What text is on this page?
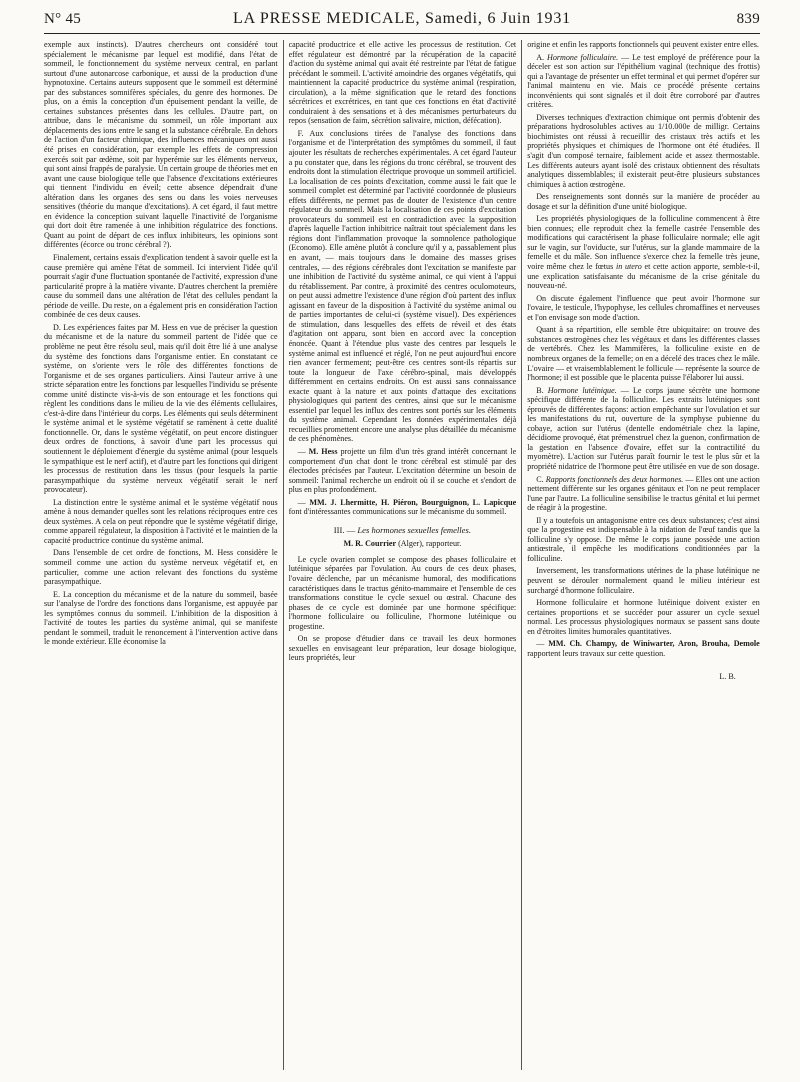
N° 45	LA PRESSE MEDICALE, Samedi, 6 Juin 1931	839

exemple aux instincts). D'autres chercheurs ont considéré tout spécialement le mécanisme par lequel est modifié, dans l'état de sommeil, le fonctionnement du système nerveux central, en parlant surtout d'une autonarcose carbonique, et aussi de la production d'une hypnotoxine. Certains auteurs supposent que le sommeil est déterminé par des substances somnifères spéciales, du genre des hormones. De plus, on a émis la conception d'un épuisement pendant la veille, de certaines substances présentes dans les cellules. D'autre part, on attribue, dans le mécanisme du sommeil, un rôle important aux déplacements des ions entre le sang et la substance cérébrale. En dehors de l'action d'un facteur chimique, des influences mécaniques ont aussi été prises en considération, par exemple les effets de compression exercés soit par œdème, soit par hyperémie sur les éléments nerveux, qui sont ainsi frappés de paralysie. Un certain groupe de théories met en avant une cause biologique telle que l'absence d'excitations extérieures qui tiennent l'individu en éveil; cette absence dépendrait d'une altération dans les organes des sens ou dans les voies nerveuses sensitives (théorie du manque d'excitations). A cet égard, il faut mettre en évidence la conception suivant laquelle l'inactivité de l'organisme qui dort doit être ramenée à une inhibition régulatrice des fonctions. Quant au point de départ de ces influx inhibiteurs, les opinions sont différentes (écorce ou tronc cérébral ?).

Finalement, certains essais d'explication tendent à savoir quelle est la cause première qui amène l'état de sommeil. Ici intervient l'idée qu'il pourrait s'agir d'une fluctuation spontanée de l'activité, expression d'une particularité propre à la matière vivante. D'autres cherchent la première cause du sommeil dans une altération de l'état des cellules pendant la période de veille. Du reste, on a également pris en considération l'action combinée de ces deux causes.

D. Les expériences faites par M. Hess en vue de préciser la question du mécanisme et de la nature du sommeil partent de l'idée que ce problème ne peut être résolu seul, mais qu'il doit être lié à une analyse du système des fonctions dans l'organisme entier. En constatant ce système, on s'oriente vers le rôle des différentes fonctions de l'organisme et de ses organes particuliers. Ainsi l'auteur arrive à une stricte séparation entre les fonctions par lesquelles l'individu se présente comme unité distincte vis-à-vis de son entourage et les fonctions qui règlent les conditions dans le milieu de la vie des éléments cellulaires, c'est-à-dire dans l'intérieur du corps. Les éléments qui seuls déterminent le système animal et le système végétatif se ramènent à cette dualité fonctionnelle. Or, dans le système végétatif, on peut encore distinguer deux ordres de fonctions, à savoir d'une part les processus qui soutiennent le déploiement d'énergie du système animal (pour lesquels le sympathique est le nerf actif), et d'autre part les fonctions qui dirigent les processus de restitution dans les tissus (pour lesquels la partie parasympathique du système nerveux végétatif serait le nerf provocateur).

La distinction entre le système animal et le système végétatif nous amène à nous demander quelles sont les relations réciproques entre ces deux systèmes. A cela on peut répondre que le système végétatif dirige, comme appareil régulateur, la disposition à l'activité et le maintien de la capacité productrice continue du système animal.

Dans l'ensemble de cet ordre de fonctions, M. Hess considère le sommeil comme une action du système nerveux végétatif et, en particulier, comme une action relevant des fonctions du système parasympathique.

E. La conception du mécanisme et de la nature du sommeil, basée sur l'analyse de l'ordre des fonctions dans l'organisme, est appuyée par les symptômes connus du sommeil. L'inhibition de la disposition à l'activité de toutes les parties du système animal, qui se manifeste pendant le sommeil, traduit le renoncement à l'intervention active dans le monde extérieur. Elle économise la

capacité productrice et elle active les processus de restitution. Cet effet régulateur est démontré par la récupération de la capacité d'action du système animal qui avait été restreinte par l'état de fatigue précédant le sommeil. L'activité amoindrie des organes végétatifs, qui maintiennent la capacité productrice du système animal (respiration, circulation), a la même signification que le retard des fonctions sécrétrices et excrétrices, en tant que ces fonctions en état d'activité conduiraient à des sensations et à des mécanismes perturbateurs du repos (sensation de faim, sécrétion salivaire, miction, défécation).

F. Aux conclusions tirées de l'analyse des fonctions dans l'organisme et de l'interprétation des symptômes du sommeil, il faut ajouter les résultats de recherches expérimentales. A cet égard l'auteur a pu constater que, dans les régions du tronc cérébral, se trouvent des endroits dont la stimulation électrique provoque un sommeil artificiel. La localisation de ces points d'excitation, comme aussi le fait que le sommeil complet est déterminé par l'activité coordonnée de plusieurs effets différents, ne permet pas de douter de l'existence d'un centre régulateur du sommeil. Mais la localisation de ces points d'excitation provocateurs du sommeil est en contradiction avec la supposition d'après laquelle l'action inhibitrice naîtrait tout spécialement dans les régions dont l'inflammation provoque la somnolence pathologique (Economo). Elle amène plutôt à conclure qu'il y a, passablement plus en avant, — mais toujours dans le domaine des masses grises centrales, — des régions cérébrales dont l'excitation se manifeste par une inhibition de l'activité du système animal, ce qui vient à l'appui du rétablissement. Par contre, à proximité des centres oculomoteurs, on peut aussi admettre l'existence d'une région d'où partent des influx agissant en faveur de la disposition à l'activité du système animal ou de parties importantes de celui-ci (système visuel). Des expériences de stimulation, dans lesquelles des effets de réveil et des états d'agitation ont apparu, sont bien en accord avec la conception énoncée. Quant à l'étendue plus vaste des centres par lesquels le système animal est influencé et réglé, l'on ne peut aujourd'hui encore rien avancer fermement; peut-être ces centres sont-ils répartis sur toute la longueur de l'axe cérébro-spinal, mais développés différemment en certains endroits. On est aussi sans connaissance exacte quant à la nature et aux points d'attaque des excitations physiologiques qui partent des centres, ainsi que sur le mécanisme essentiel par lequel les influx des centres sont portés sur les éléments du système animal. Cependant les données expérimentales déjà recueillies promettent encore une analyse plus détaillée du mécanisme de ces phénomènes.

— M. Hess projette un film d'un très grand intérêt concernant le comportement d'un chat dont le tronc cérébral est stimulé par des électodes précisées par l'auteur. L'excitation détermine un besoin de sommeil: l'animal recherche un endroit où il se couche et s'endort de plus en plus profondément.

— MM. J. Lhermitte, H. Piéron, Bourguignon, L. Lapicque font d'intéressantes communications sur le mécanisme du sommeil.

III. — Les hormones sexuelles femelles.

M. R. Courrier (Alger), rapporteur.

Le cycle ovarien complet se compose des phases folliculaire et lutéinique séparées par l'ovulation. Au cours de ces deux phases, l'ovaire déclenche, par un mécanisme humoral, des modifications caractéristiques dans le tractus génito-mammaire et l'ensemble de ces transformations constitue le cycle sexuel ou œstral. Chacune des phases de ce cycle est dominée par une hormone spécifique: l'hormone folliculaire ou folliculine, l'hormone lutéinique ou progestine.

On se propose d'étudier dans ce travail les deux hormones sexuelles en envisageant leur préparation, leur dosage biologique, leurs propriétés, leur

origine et enfin les rapports fonctionnels qui peuvent exister entre elles.

A. Hormone folliculaire. — Le test employé de préférence pour la déceler est son action sur l'épithélium vaginal (technique des frottis) qui a l'avantage de présenter un effet terminal et qui permet d'opérer sur l'animal maintenu en vie. Mais ce procédé présente certains inconvénients qui sont signalés et il doit être corroboré par d'autres critères.

Diverses techniques d'extraction chimique ont permis d'obtenir des préparations hydrosolubles actives au 1/10.000e de milligr. Certains biochimistes ont réussi à recueillir des cristaux très actifs et les propriétés physiques et chimiques de l'hormone ont été étudiées. Il s'agit d'un composé ternaire, faiblement acide et assez thermostable. Les différents auteurs ayant isolé des cristaux obtiennent des résultats analytiques dissemblables; il existerait peut-être plusieurs substances chimiques à action œstrogène.

Des renseignements sont donnés sur la manière de procéder au dosage et sur la définition d'une unité biologique.

Les propriétés physiologiques de la folliculine commencent à être bien connues; elle reproduit chez la femelle castrée l'ensemble des modifications qui caractérisent la phase folliculaire normale; elle agit sur le vagin, sur l'oviducte, sur l'utérus, sur la glande mammaire de la femelle et du mâle. Son influence s'exerce chez la femelle très jeune, voire même chez le fœtus in utero et cette action apporte, semble-t-il, une explication satisfaisante du mécanisme de la crise génitale du nouveau-né.

On discute également l'influence que peut avoir l'hormone sur l'ovaire, le testicule, l'hypophyse, les cellules chromaffines et nerveuses et l'on envisage son mode d'action.

Quant à sa répartition, elle semble être ubiquitaire: on trouve des substances œstrogènes chez les végétaux et dans les différentes classes de vertébrés. Chez les Mammifères, la folliculine existe en de nombreux organes de la femelle; on en a décelé des traces chez le mâle. L'ovaire — et vraisemblablement le follicule — représente la source de l'hormone; il est possible que le placenta puisse l'élaborer lui aussi.

B. Hormone lutéinique. — Le corps jaune sécrète une hormone spécifique différente de la folliculine. Les extraits lutéiniques sont éprouvés de différentes façons: action empêchante sur l'ovulation et sur les manifestations du rut, ouverture de la symphyse pubienne du cobaye, action sur l'utérus (dentelle endométriale chez la lapine, décidiome provoqué, état prémenstruel chez la guenon, confirmation de la gestation en l'absence d'ovaire, effet sur la contractilité du myomètre). L'action sur l'utérus paraît fournir le test le plus sûr et la propriété nidatrice de l'hormone peut être utilisée en vue de son dosage.

C. Rapports fonctionnels des deux hormones. — Elles ont une action nettement différente sur les organes génitaux et l'on ne peut remplacer l'une par l'autre. La folliculine sensibilise le tractus génital et lui permet de réagir à la progestine.

Il y a toutefois un antagonisme entre ces deux substances; c'est ainsi que la progestine est indispensable à la nidation de l'œuf tandis que la folliculine s'y oppose. De même le corps jaune possède une action antiœstrale, il empêche les modifications conditionnées par la folliculine.

Inversement, les transformations utérines de la phase lutéinique ne peuvent se dérouler normalement quand le milieu intérieur est surchargé d'hormone folliculaire.

Hormone folliculaire et hormone lutéinique doivent exister en certaines proportions et se succéder pour assurer un cycle sexuel normal. Les processus physiologiques normaux se passent sans doute en d'étroites limites humorales quantitatives.

— MM. Ch. Champy, de Winiwarter, Aron, Brouha, Demole rapportent leurs travaux sur cette question.

L. B.
